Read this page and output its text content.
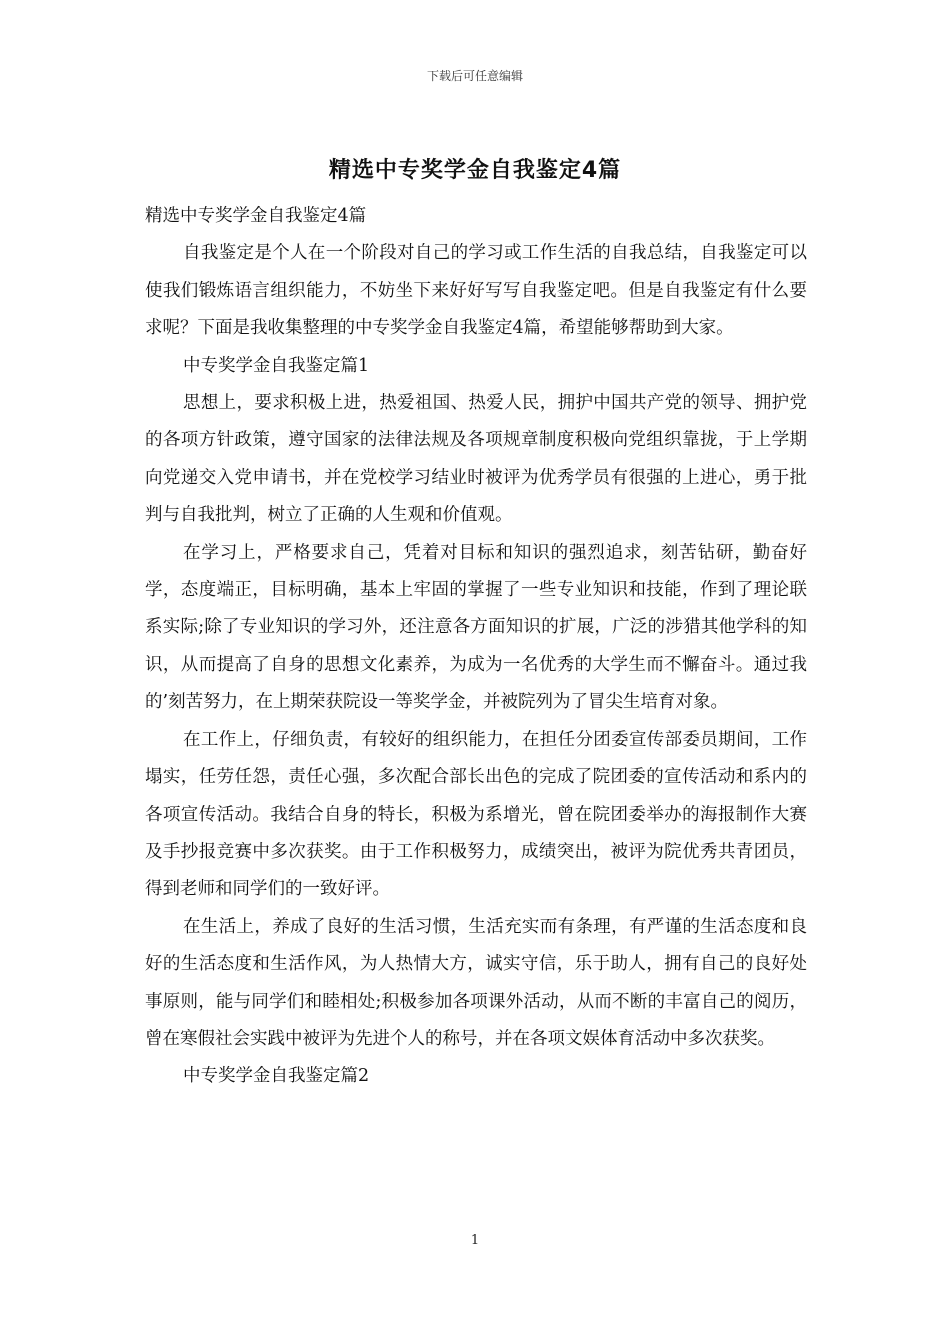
下载后可任意编辑
精选中专奖学金自我鉴定4篇

精选中专奖学金自我鉴定4篇

自我鉴定是个人在一个阶段对自己的学习或工作生活的自我总结，自我鉴定可以使我们锻炼语言组织能力，不妨坐下来好好写写自我鉴定吧。但是自我鉴定有什么要求呢？下面是我收集整理的中专奖学金自我鉴定4篇，希望能够帮助到大家。

中专奖学金自我鉴定篇1

思想上，要求积极上进，热爱祖国、热爱人民，拥护中国共产党的领导、拥护党的各项方针政策，遵守国家的法律法规及各项规章制度积极向党组织靠拢，于上学期向党递交入党申请书，并在党校学习结业时被评为优秀学员有很强的上进心，勇于批判与自我批判，树立了正确的人生观和价值观。

在学习上，严格要求自己，凭着对目标和知识的强烈追求，刻苦钻研，勤奋好学，态度端正，目标明确，基本上牢固的掌握了一些专业知识和技能，作到了理论联系实际;除了专业知识的学习外，还注意各方面知识的扩展，广泛的涉猎其他学科的知识，从而提高了自身的思想文化素养，为成为一名优秀的大学生而不懈奋斗。通过我的’刻苦努力，在上期荣获院设一等奖学金，并被院列为了冒尖生培育对象。

在工作上，仔细负责，有较好的组织能力，在担任分团委宣传部委员期间，工作塌实，任劳任怨，责任心强，多次配合部长出色的完成了院团委的宣传活动和系内的各项宣传活动。我结合自身的特长，积极为系增光，曾在院团委举办的海报制作大赛及手抄报竞赛中多次获奖。由于工作积极努力，成绩突出，被评为院优秀共青团员，得到老师和同学们的一致好评。

在生活上，养成了良好的生活习惯，生活充实而有条理，有严谨的生活态度和良好的生活态度和生活作风，为人热情大方，诚实守信，乐于助人，拥有自己的良好处事原则，能与同学们和睦相处;积极参加各项课外活动，从而不断的丰富自己的阅历，曾在寒假社会实践中被评为先进个人的称号，并在各项文娱体育活动中多次获奖。

中专奖学金自我鉴定篇2

1
